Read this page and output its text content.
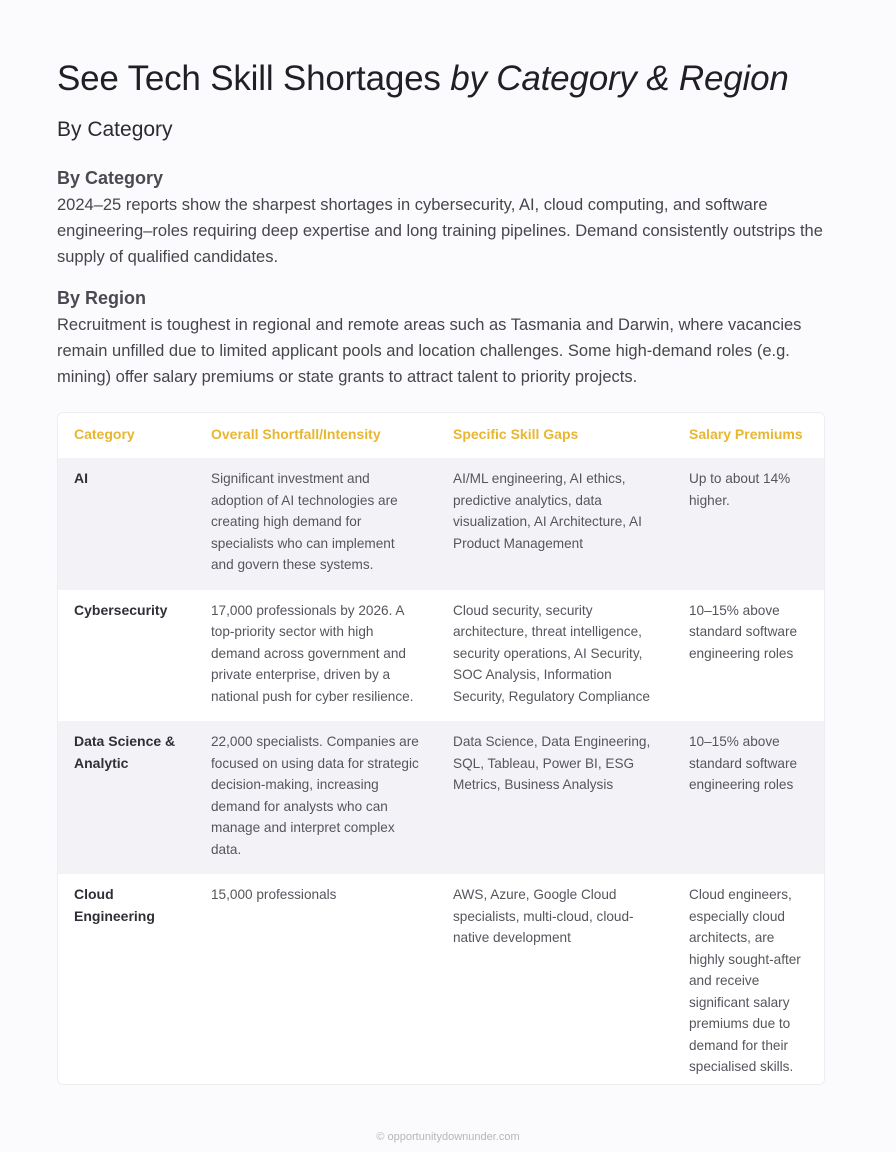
See Tech Skill Shortages by Category & Region
By Category
By Category

2024–25 reports show the sharpest shortages in cybersecurity, AI, cloud computing, and software engineering–roles requiring deep expertise and long training pipelines. Demand consistently outstrips the supply of qualified candidates.

By Region

Recruitment is toughest in regional and remote areas such as Tasmania and Darwin, where vacancies remain unfilled due to limited applicant pools and location challenges. Some high-demand roles (e.g. mining) offer salary premiums or state grants to attract talent to priority projects.

Category	Overall Shortfall/Intensity	Specific Skill Gaps	Salary Premiums
AI	Significant investment and adoption of AI technologies are creating high demand for specialists who can implement and govern these systems.	AI/ML engineering, AI ethics, predictive analytics, data visualization, AI Architecture, AI Product Management	Up to about 14% higher.
Cybersecurity	17,000 professionals by 2026. A top-priority sector with high demand across government and private enterprise, driven by a national push for cyber resilience.	Cloud security, security architecture, threat intelligence, security operations, AI Security, SOC Analysis, Information Security, Regulatory Compliance	10–15% above standard software engineering roles
Data Science & Analytic	22,000 specialists. Companies are focused on using data for strategic decision-making, increasing demand for analysts who can manage and interpret complex data.	Data Science, Data Engineering, SQL, Tableau, Power BI, ESG Metrics, Business Analysis	10–15% above standard software engineering roles
Cloud Engineering	15,000 professionals	AWS, Azure, Google Cloud specialists, multi-cloud, cloud-native development	Cloud engineers, especially cloud architects, are highly sought-after and receive significant salary premiums due to demand for their specialised skills.
© opportunitydownunder.com
